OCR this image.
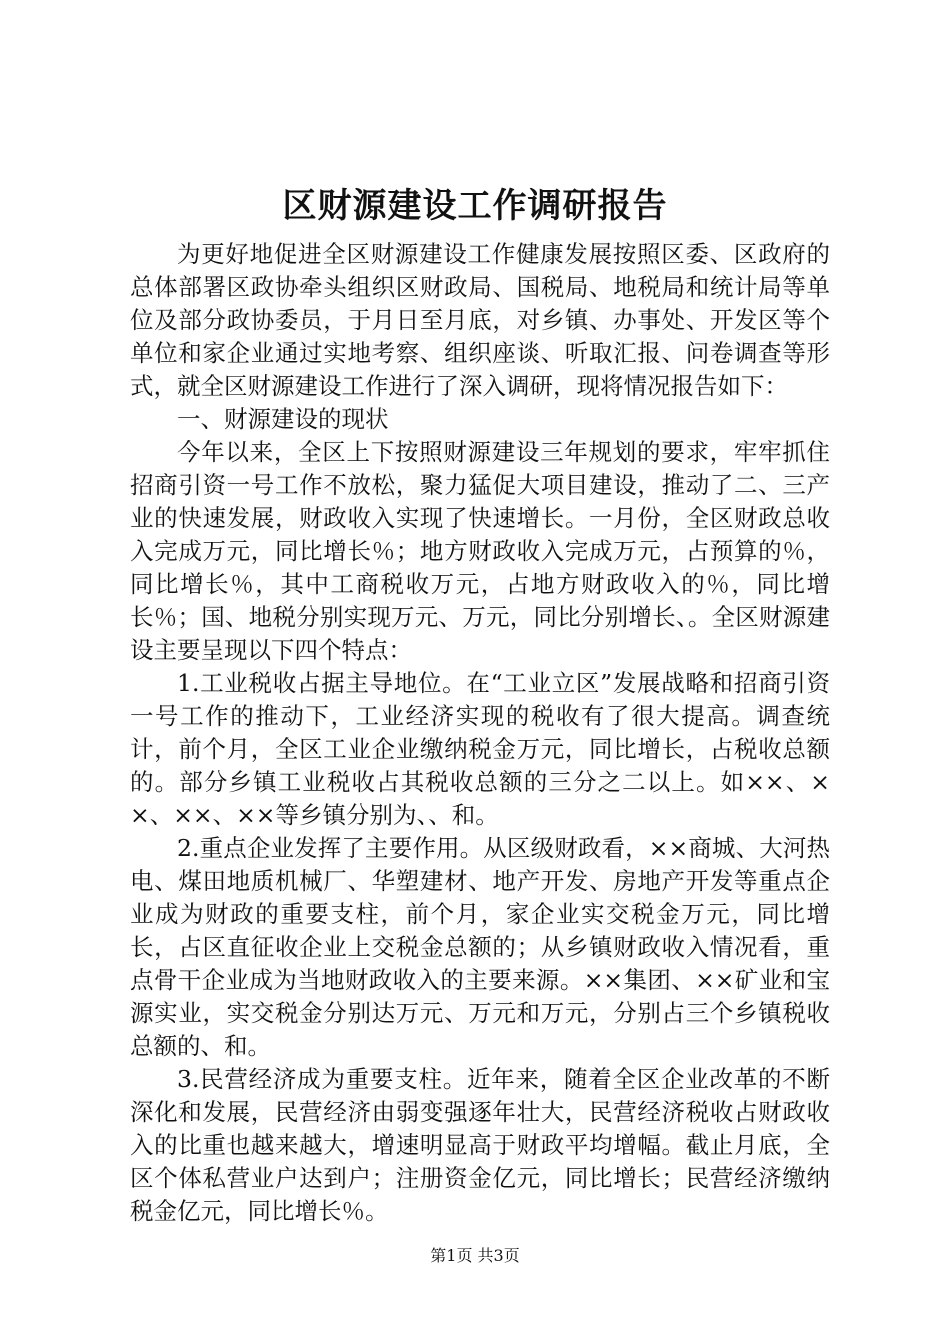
区财源建设工作调研报告

为更好地促进全区财源建设工作健康发展按照区委、区政府的总体部署区政协牵头组织区财政局、国税局、地税局和统计局等单位及部分政协委员，于月日至月底，对乡镇、办事处、开发区等个单位和家企业通过实地考察、组织座谈、听取汇报、问卷调查等形式，就全区财源建设工作进行了深入调研，现将情况报告如下：

一、财源建设的现状

今年以来，全区上下按照财源建设三年规划的要求，牢牢抓住招商引资一号工作不放松，聚力猛促大项目建设，推动了二、三产业的快速发展，财政收入实现了快速增长。一月份，全区财政总收入完成万元，同比增长％；地方财政收入完成万元，占预算的％，同比增长％，其中工商税收万元，占地方财政收入的％，同比增长％；国、地税分别实现万元、万元，同比分别增长、。全区财源建设主要呈现以下四个特点：

1.工业税收占据主导地位。在“工业立区”发展战略和招商引资一号工作的推动下，工业经济实现的税收有了很大提高。调查统计，前个月，全区工业企业缴纳税金万元，同比增长，占税收总额的。部分乡镇工业税收占其税收总额的三分之二以上。如××、××、××、××等乡镇分别为、、和。

2.重点企业发挥了主要作用。从区级财政看，××商城、大河热电、煤田地质机械厂、华塑建材、地产开发、房地产开发等重点企业成为财政的重要支柱，前个月，家企业实交税金万元，同比增长，占区直征收企业上交税金总额的；从乡镇财政收入情况看，重点骨干企业成为当地财政收入的主要来源。××集团、××矿业和宝源实业，实交税金分别达万元、万元和万元，分别占三个乡镇税收总额的、和。

3.民营经济成为重要支柱。近年来，随着全区企业改革的不断深化和发展，民营经济由弱变强逐年壮大，民营经济税收占财政收入的比重也越来越大，增速明显高于财政平均增幅。截止月底，全区个体私营业户达到户；注册资金亿元，同比增长；民营经济缴纳税金亿元，同比增长％。

第1页 共3页
